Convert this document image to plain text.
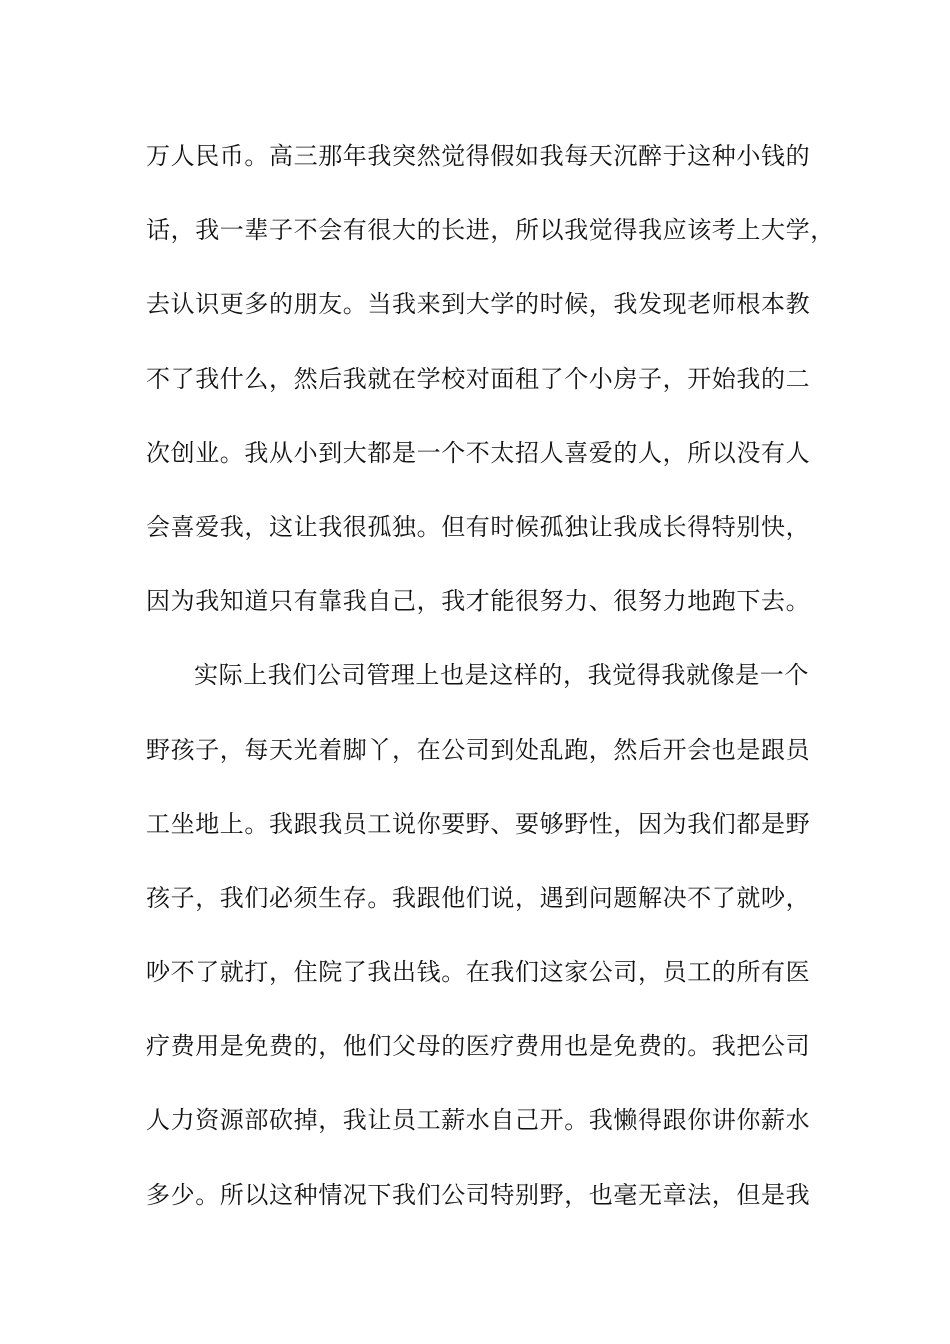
万人民币。高三那年我突然觉得假如我每天沉醉于这种小钱的
话，我一辈子不会有很大的长进，所以我觉得我应该考上大学，
去认识更多的朋友。当我来到大学的时候，我发现老师根本教
不了我什么，然后我就在学校对面租了个小房子，开始我的二
次创业。我从小到大都是一个不太招人喜爱的人，所以没有人
会喜爱我，这让我很孤独。但有时候孤独让我成长得特别快，
因为我知道只有靠我自己，我才能很努力、很努力地跑下去。
实际上我们公司管理上也是这样的，我觉得我就像是一个
野孩子，每天光着脚丫，在公司到处乱跑，然后开会也是跟员
工坐地上。我跟我员工说你要野、要够野性，因为我们都是野
孩子，我们必须生存。我跟他们说，遇到问题解决不了就吵，
吵不了就打，住院了我出钱。在我们这家公司，员工的所有医
疗费用是免费的，他们父母的医疗费用也是免费的。我把公司
人力资源部砍掉，我让员工薪水自己开。我懒得跟你讲你薪水
多少。所以这种情况下我们公司特别野，也毫无章法，但是我
